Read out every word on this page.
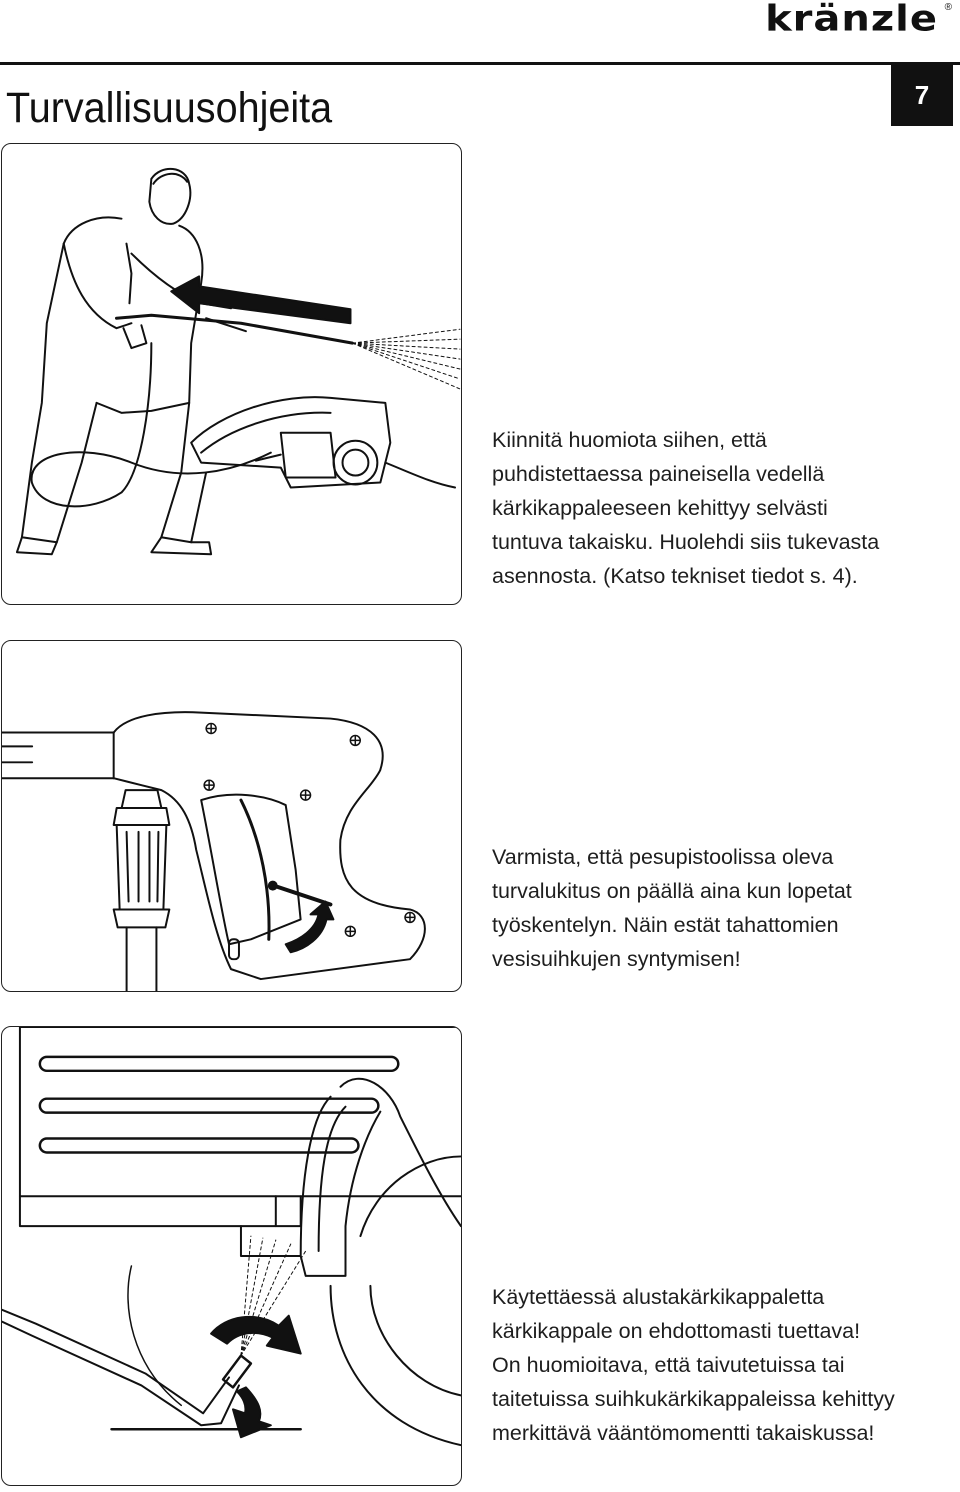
kränzle ®
Turvallisuusohjeita	7
Kiinnitä huomiota siihen, että
puhdistettaessa paineisella vedellä
kärkikappaleeseen kehittyy selvästi
tuntuva takaisku. Huolehdi siis tukevasta
asennosta. (Katso tekniset tiedot s. 4).
Varmista, että pesupistoolissa oleva
turvalukitus on päällä aina kun lopetat
työskentelyn. Näin estät tahattomien
vesisuihkujen syntymisen!
Käytettäessä alustakärkikappaletta
kärkikappale on ehdottomasti tuettava!
On huomioitava, että taivutetuissa tai
taitetuissa suihkukärkikappaleissa kehittyy
merkittävä vääntömomentti takaiskussa!
